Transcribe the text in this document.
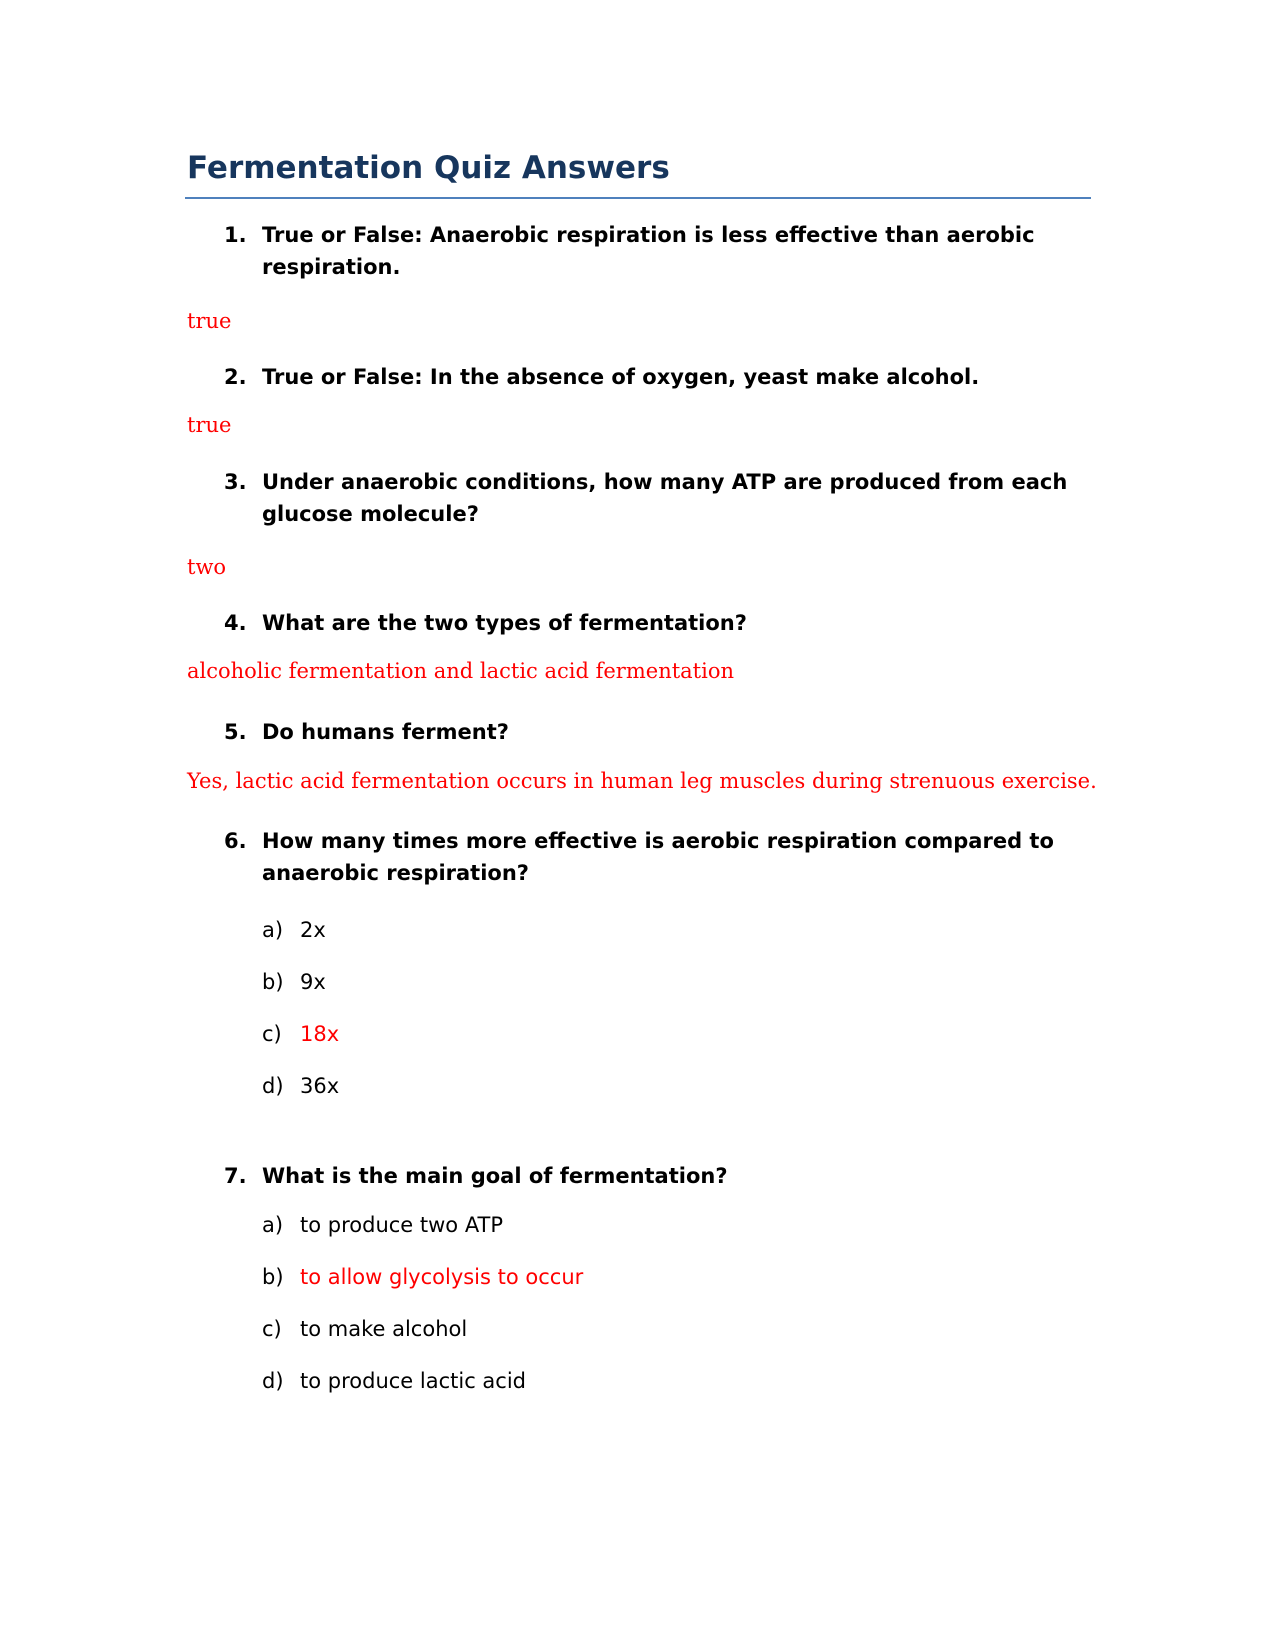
Fermentation Quiz Answers
1. True or False: Anaerobic respiration is less effective than aerobic respiration.
true
2. True or False: In the absence of oxygen, yeast make alcohol.
true
3. Under anaerobic conditions, how many ATP are produced from each glucose molecule?
two
4. What are the two types of fermentation?
alcoholic fermentation and lactic acid fermentation
5. Do humans ferment?
Yes, lactic acid fermentation occurs in human leg muscles during strenuous exercise.
6. How many times more effective is aerobic respiration compared to anaerobic respiration?
a) 2x
b) 9x
c) 18x
d) 36x
7. What is the main goal of fermentation?
a) to produce two ATP
b) to allow glycolysis to occur
c) to make alcohol
d) to produce lactic acid
